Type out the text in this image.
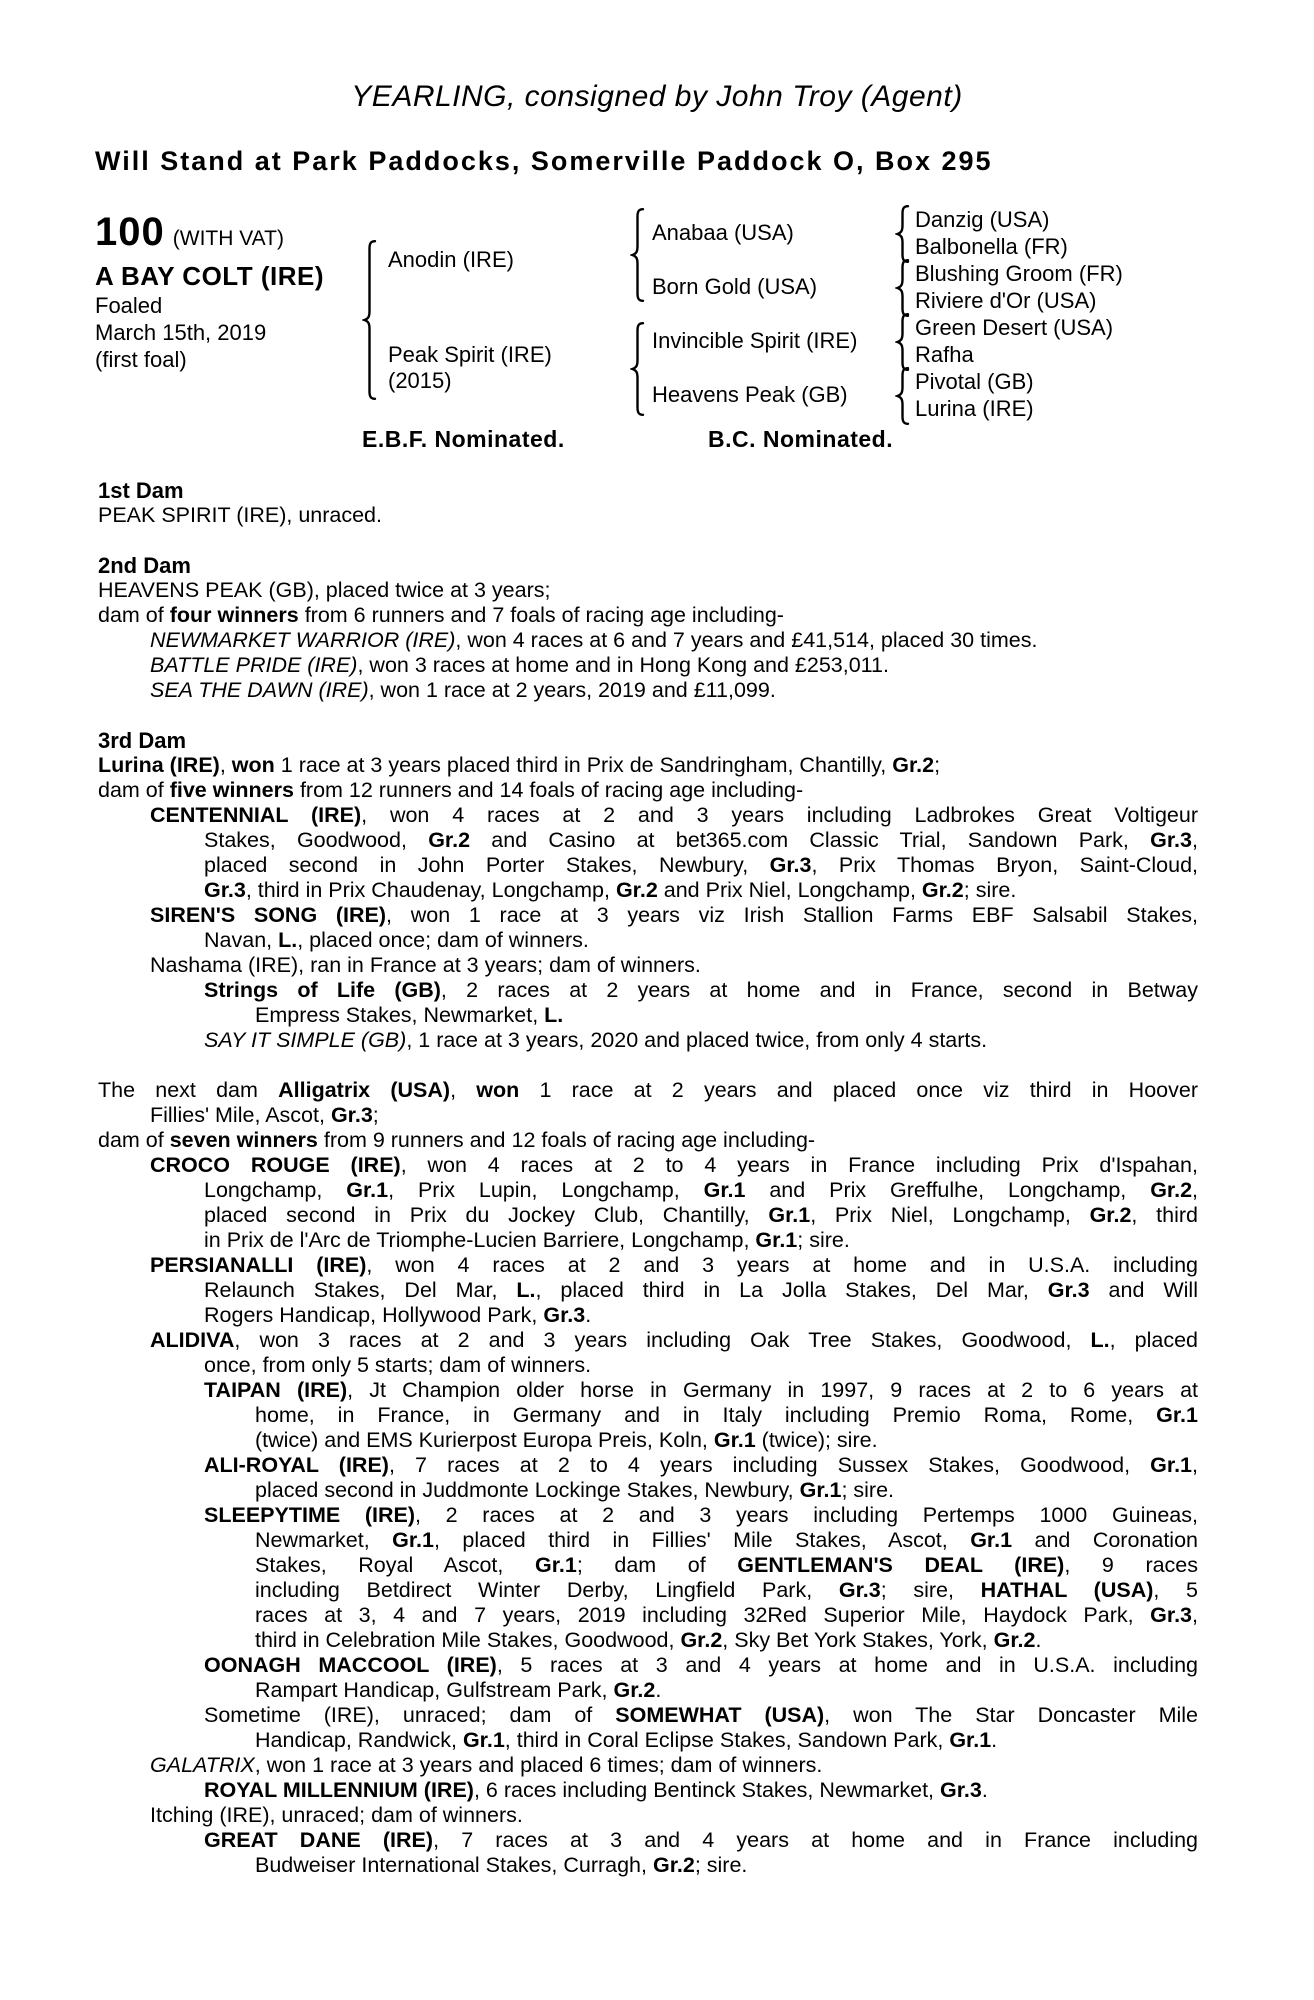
YEARLING, consigned by John Troy (Agent)
Will Stand at Park Paddocks, Somerville Paddock O, Box 295
100 (WITH VAT)
A BAY COLT (IRE)
Foaled
March 15th, 2019
(first foal)
Anodin (IRE)
Peak Spirit (IRE)
(2015)
Anabaa (USA)
Born Gold (USA)
Invincible Spirit (IRE)
Heavens Peak (GB)
Danzig (USA)
Balbonella (FR)
Blushing Groom (FR)
Riviere d'Or (USA)
Green Desert (USA)
Rafha
Pivotal (GB)
Lurina (IRE)
E.B.F. Nominated.	B.C. Nominated.
1st Dam
PEAK SPIRIT (IRE), unraced.
2nd Dam
HEAVENS PEAK (GB), placed twice at 3 years;
dam of four winners from 6 runners and 7 foals of racing age including-
NEWMARKET WARRIOR (IRE), won 4 races at 6 and 7 years and £41,514, placed 30 times.
BATTLE PRIDE (IRE), won 3 races at home and in Hong Kong and £253,011.
SEA THE DAWN (IRE), won 1 race at 2 years, 2019 and £11,099.
3rd Dam
Lurina (IRE), won 1 race at 3 years placed third in Prix de Sandringham, Chantilly, Gr.2;
dam of five winners from 12 runners and 14 foals of racing age including-
CENTENNIAL (IRE), won 4 races at 2 and 3 years including Ladbrokes Great Voltigeur
Stakes, Goodwood, Gr.2 and Casino at bet365.com Classic Trial, Sandown Park, Gr.3,
placed second in John Porter Stakes, Newbury, Gr.3, Prix Thomas Bryon, Saint-Cloud,
Gr.3, third in Prix Chaudenay, Longchamp, Gr.2 and Prix Niel, Longchamp, Gr.2; sire.
SIREN'S SONG (IRE), won 1 race at 3 years viz Irish Stallion Farms EBF Salsabil Stakes,
Navan, L., placed once; dam of winners.
Nashama (IRE), ran in France at 3 years; dam of winners.
Strings of Life (GB), 2 races at 2 years at home and in France, second in Betway
Empress Stakes, Newmarket, L.
SAY IT SIMPLE (GB), 1 race at 3 years, 2020 and placed twice, from only 4 starts.
The next dam Alligatrix (USA), won 1 race at 2 years and placed once viz third in Hoover
Fillies' Mile, Ascot, Gr.3;
dam of seven winners from 9 runners and 12 foals of racing age including-
CROCO ROUGE (IRE), won 4 races at 2 to 4 years in France including Prix d'Ispahan,
Longchamp, Gr.1, Prix Lupin, Longchamp, Gr.1 and Prix Greffulhe, Longchamp, Gr.2,
placed second in Prix du Jockey Club, Chantilly, Gr.1, Prix Niel, Longchamp, Gr.2, third
in Prix de l'Arc de Triomphe-Lucien Barriere, Longchamp, Gr.1; sire.
PERSIANALLI (IRE), won 4 races at 2 and 3 years at home and in U.S.A. including
Relaunch Stakes, Del Mar, L., placed third in La Jolla Stakes, Del Mar, Gr.3 and Will
Rogers Handicap, Hollywood Park, Gr.3.
ALIDIVA, won 3 races at 2 and 3 years including Oak Tree Stakes, Goodwood, L., placed
once, from only 5 starts; dam of winners.
TAIPAN (IRE), Jt Champion older horse in Germany in 1997, 9 races at 2 to 6 years at
home, in France, in Germany and in Italy including Premio Roma, Rome, Gr.1
(twice) and EMS Kurierpost Europa Preis, Koln, Gr.1 (twice); sire.
ALI-ROYAL (IRE), 7 races at 2 to 4 years including Sussex Stakes, Goodwood, Gr.1,
placed second in Juddmonte Lockinge Stakes, Newbury, Gr.1; sire.
SLEEPYTIME (IRE), 2 races at 2 and 3 years including Pertemps 1000 Guineas,
Newmarket, Gr.1, placed third in Fillies' Mile Stakes, Ascot, Gr.1 and Coronation
Stakes, Royal Ascot, Gr.1; dam of GENTLEMAN'S DEAL (IRE), 9 races
including Betdirect Winter Derby, Lingfield Park, Gr.3; sire, HATHAL (USA), 5
races at 3, 4 and 7 years, 2019 including 32Red Superior Mile, Haydock Park, Gr.3,
third in Celebration Mile Stakes, Goodwood, Gr.2, Sky Bet York Stakes, York, Gr.2.
OONAGH MACCOOL (IRE), 5 races at 3 and 4 years at home and in U.S.A. including
Rampart Handicap, Gulfstream Park, Gr.2.
Sometime (IRE), unraced; dam of SOMEWHAT (USA), won The Star Doncaster Mile
Handicap, Randwick, Gr.1, third in Coral Eclipse Stakes, Sandown Park, Gr.1.
GALATRIX, won 1 race at 3 years and placed 6 times; dam of winners.
ROYAL MILLENNIUM (IRE), 6 races including Bentinck Stakes, Newmarket, Gr.3.
Itching (IRE), unraced; dam of winners.
GREAT DANE (IRE), 7 races at 3 and 4 years at home and in France including
Budweiser International Stakes, Curragh, Gr.2; sire.
